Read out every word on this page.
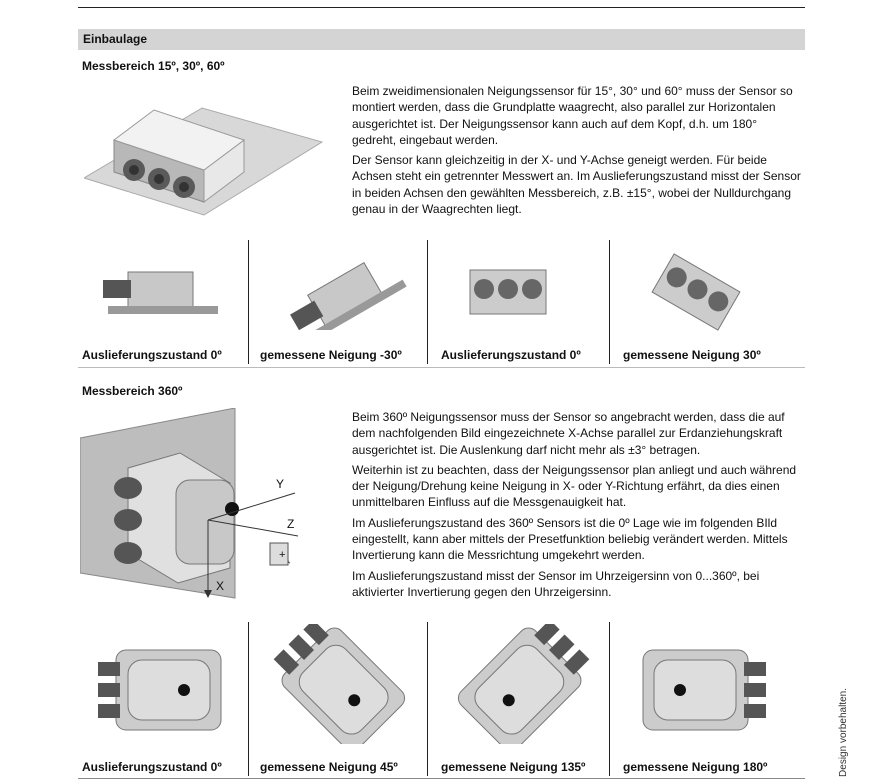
Einbaulage
Messbereich 15º, 30º, 60º

Beim zweidimensionalen Neigungssensor für 15°, 30° und 60° muss der Sensor so montiert werden, dass die Grundplatte waagrecht, also parallel zur Horizontalen ausgerichtet ist. Der Neigungssensor kann auch auf dem Kopf, d.h. um 180° gedreht, eingebaut werden.

Der Sensor kann gleichzeitig in der X- und Y-Achse geneigt werden. Für beide Achsen steht ein getrennter Messwert an. Im Auslieferungszustand misst der Sensor in beiden Achsen den gewählten Messbereich, z.B. ±15°, wobei der Nulldurchgang genau in der Waagrechten liegt.

Auslieferungszustand 0º	gemessene Neigung -30º	Auslieferungszustand 0º	gemessene Neigung 30º
Messbereich 360º
+
Y
Z
X

Beim 360º Neigungssensor muss der Sensor so angebracht werden, dass die auf dem nachfolgenden Bild eingezeichnete X-Achse parallel zur Erdanziehungskraft ausgerichtet ist. Die Auslenkung darf nicht mehr als ±3° betragen.

Weiterhin ist zu beachten, dass der Neigungssensor plan anliegt und auch während der Neigung/Drehung keine Neigung in X- oder Y-Richtung erfährt, da dies einen unmittelbaren Einfluss auf die Messgenauigkeit hat.

Im Auslieferungszustand des 360º Sensors ist die 0º Lage wie im folgenden BIld eingestellt, kann aber mittels der Presetfunktion beliebig verändert werden. Mittels Invertierung kann die Messrichtung umgekehrt werden.

Im Auslieferungszustand misst der Sensor im Uhrzeigersinn von 0...360º, bei aktivierter Invertierung gegen den Uhrzeigersinn.

Auslieferungszustand 0º	gemessene Neigung 45º	gemessene Neigung 135º	gemessene Neigung 180º	Design vorbehalten.
